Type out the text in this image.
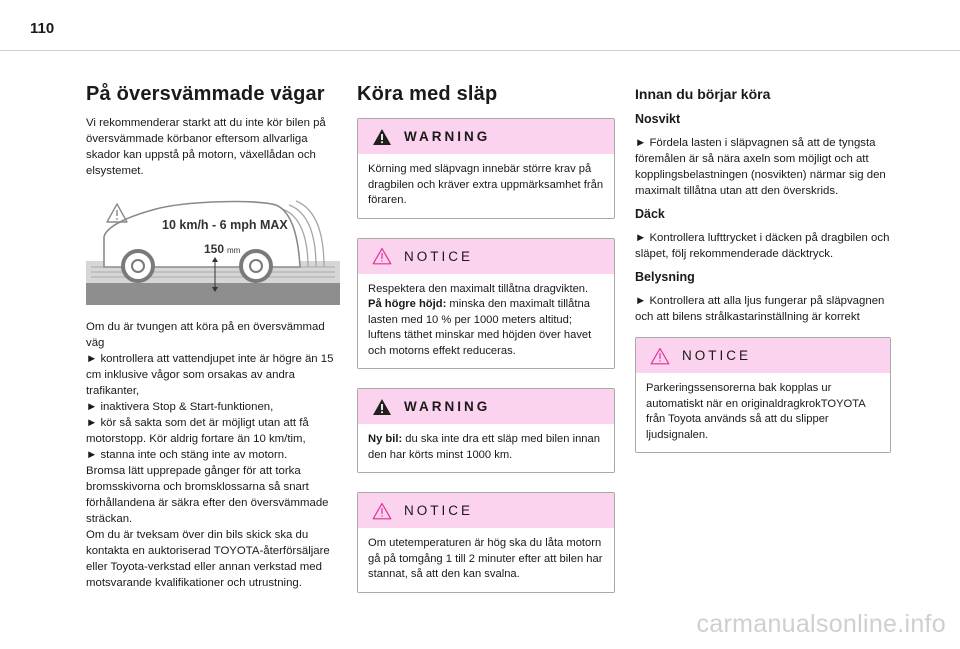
110
På översvämmade vägar

Vi rekommenderar starkt att du inte kör bilen på översvämmade körbanor eftersom allvarliga skador kan uppstå på motorn, växellådan och elsystemet.

10 km/h - 6 mph MAX
150 mm

Om du är tvungen att köra på en översvämmad väg

► kontrollera att vattendjupet inte är högre än 15 cm inklusive vågor som orsakas av andra trafikanter,

► inaktivera Stop & Start-funktionen,

► kör så sakta som det är möjligt utan att få motorstopp. Kör aldrig fortare än 10 km/tim,

► stanna inte och stäng inte av motorn.

Bromsa lätt upprepade gånger för att torka bromsskivorna och bromsklossarna så snart förhållandena är säkra efter den översvämmade sträckan.

Om du är tveksam över din bils skick ska du kontakta en auktoriserad TOYOTA-återförsäljare eller Toyota-verkstad eller annan verkstad med motsvarande kvalifikationer och utrustning.

Köra med släp
WARNING
Körning med släpvagn innebär större krav på dragbilen och kräver extra uppmärksamhet från föraren.
NOTICE
Respektera den maximalt tillåtna dragvikten.
På högre höjd: minska den maximalt tillåtna lasten med 10 % per 1000 meters altitud; luftens täthet minskar med höjden över havet och motorns effekt reduceras.
WARNING
Ny bil: du ska inte dra ett släp med bilen innan den har körts minst 1000 km.
NOTICE
Om utetemperaturen är hög ska du låta motorn gå på tomgång 1 till 2 minuter efter att bilen har stannat, så att den kan svalna.
Innan du börjar köra
Nosvikt

► Fördela lasten i släpvagnen så att de tyngsta föremålen är så nära axeln som möjligt och att kopplingsbelastningen (nosvikten) närmar sig den maximalt tillåtna utan att den överskrids.

Däck

► Kontrollera lufttrycket i däcken på dragbilen och släpet, följ rekommenderade däcktryck.

Belysning

► Kontrollera att alla ljus fungerar på släpvagnen och att bilens strålkastarinställning är korrekt

NOTICE
Parkeringssensorerna bak kopplas ur automatiskt när en originaldragkrokTOYOTA från Toyota används så att du slipper ljudsignalen.
carmanualsonline.info
